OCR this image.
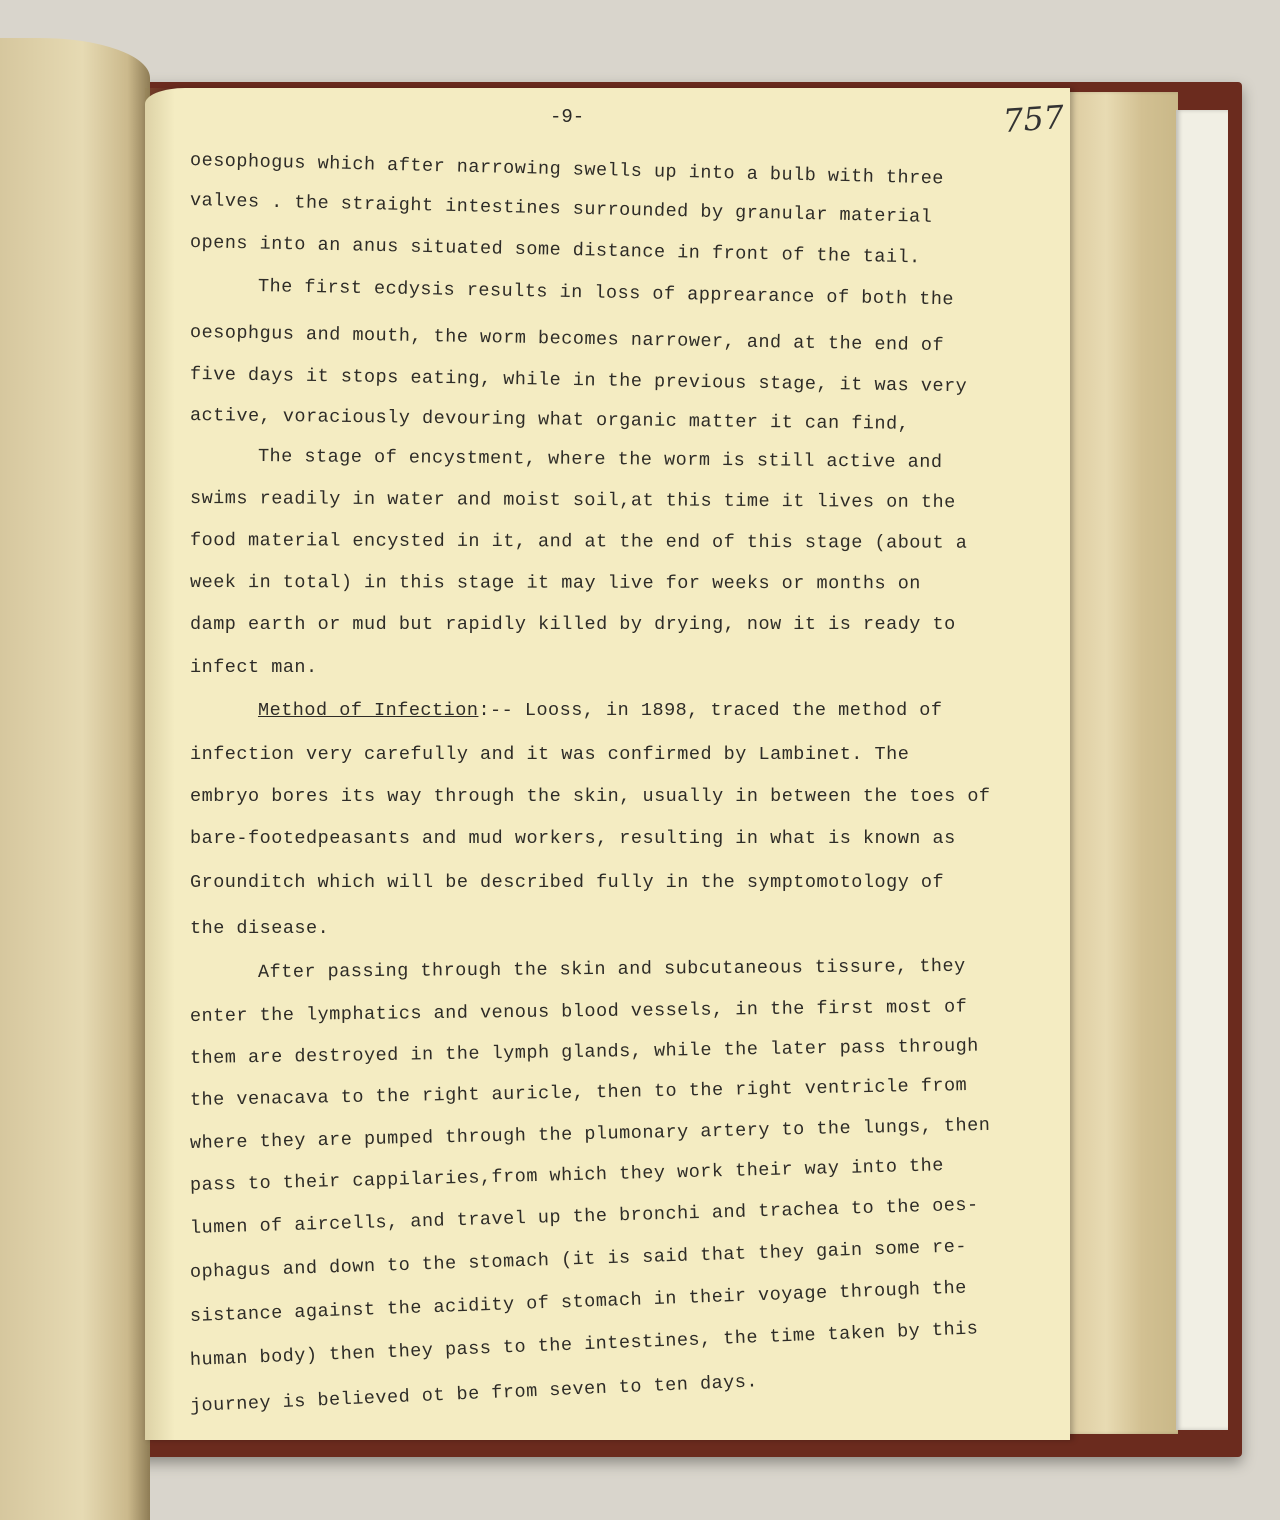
-9-	757
oesophogus which after narrowing swells up into a bulb with three
valves . the straight intestines surrounded by granular material
opens into an anus situated some distance in front of the tail.
The first ecdysis results in loss of apprearance of both the
oesophgus and mouth, the worm becomes narrower, and at the end of
five days it stops eating, while in the previous stage, it was very
active, voraciously devouring what organic matter it can find,
The stage of encystment, where the worm is still active and
swims readily in water and moist soil,at this time it lives on the
food material encysted in it, and at the end of this stage (about a
week in total) in this stage it may live for weeks or months on
damp earth or mud but rapidly killed by drying, now it is ready to
infect man.
Method of Infection:-- Looss, in 1898, traced the method of
infection very carefully and it was confirmed by Lambinet. The
embryo bores its way through the skin, usually in between the toes of
bare-footedpeasants and mud workers, resulting in what is known as
Grounditch which will be described fully in the symptomotology of
the disease.
After passing through the skin and subcutaneous tissure, they
enter the lymphatics and venous blood vessels, in the first most of
them are destroyed in the lymph glands, while the later pass through
the venacava to the right auricle, then to the right ventricle from
where they are pumped through the plumonary artery to the lungs, then
pass to their cappilaries,from which they work their way into the
lumen of aircells, and travel up the bronchi and trachea to the oes-
ophagus and down to the stomach (it is said that they gain some re-
sistance against the acidity of stomach in their voyage through the
human body) then they pass to the intestines, the time taken by this
journey is believed ot be from seven to ten days.
